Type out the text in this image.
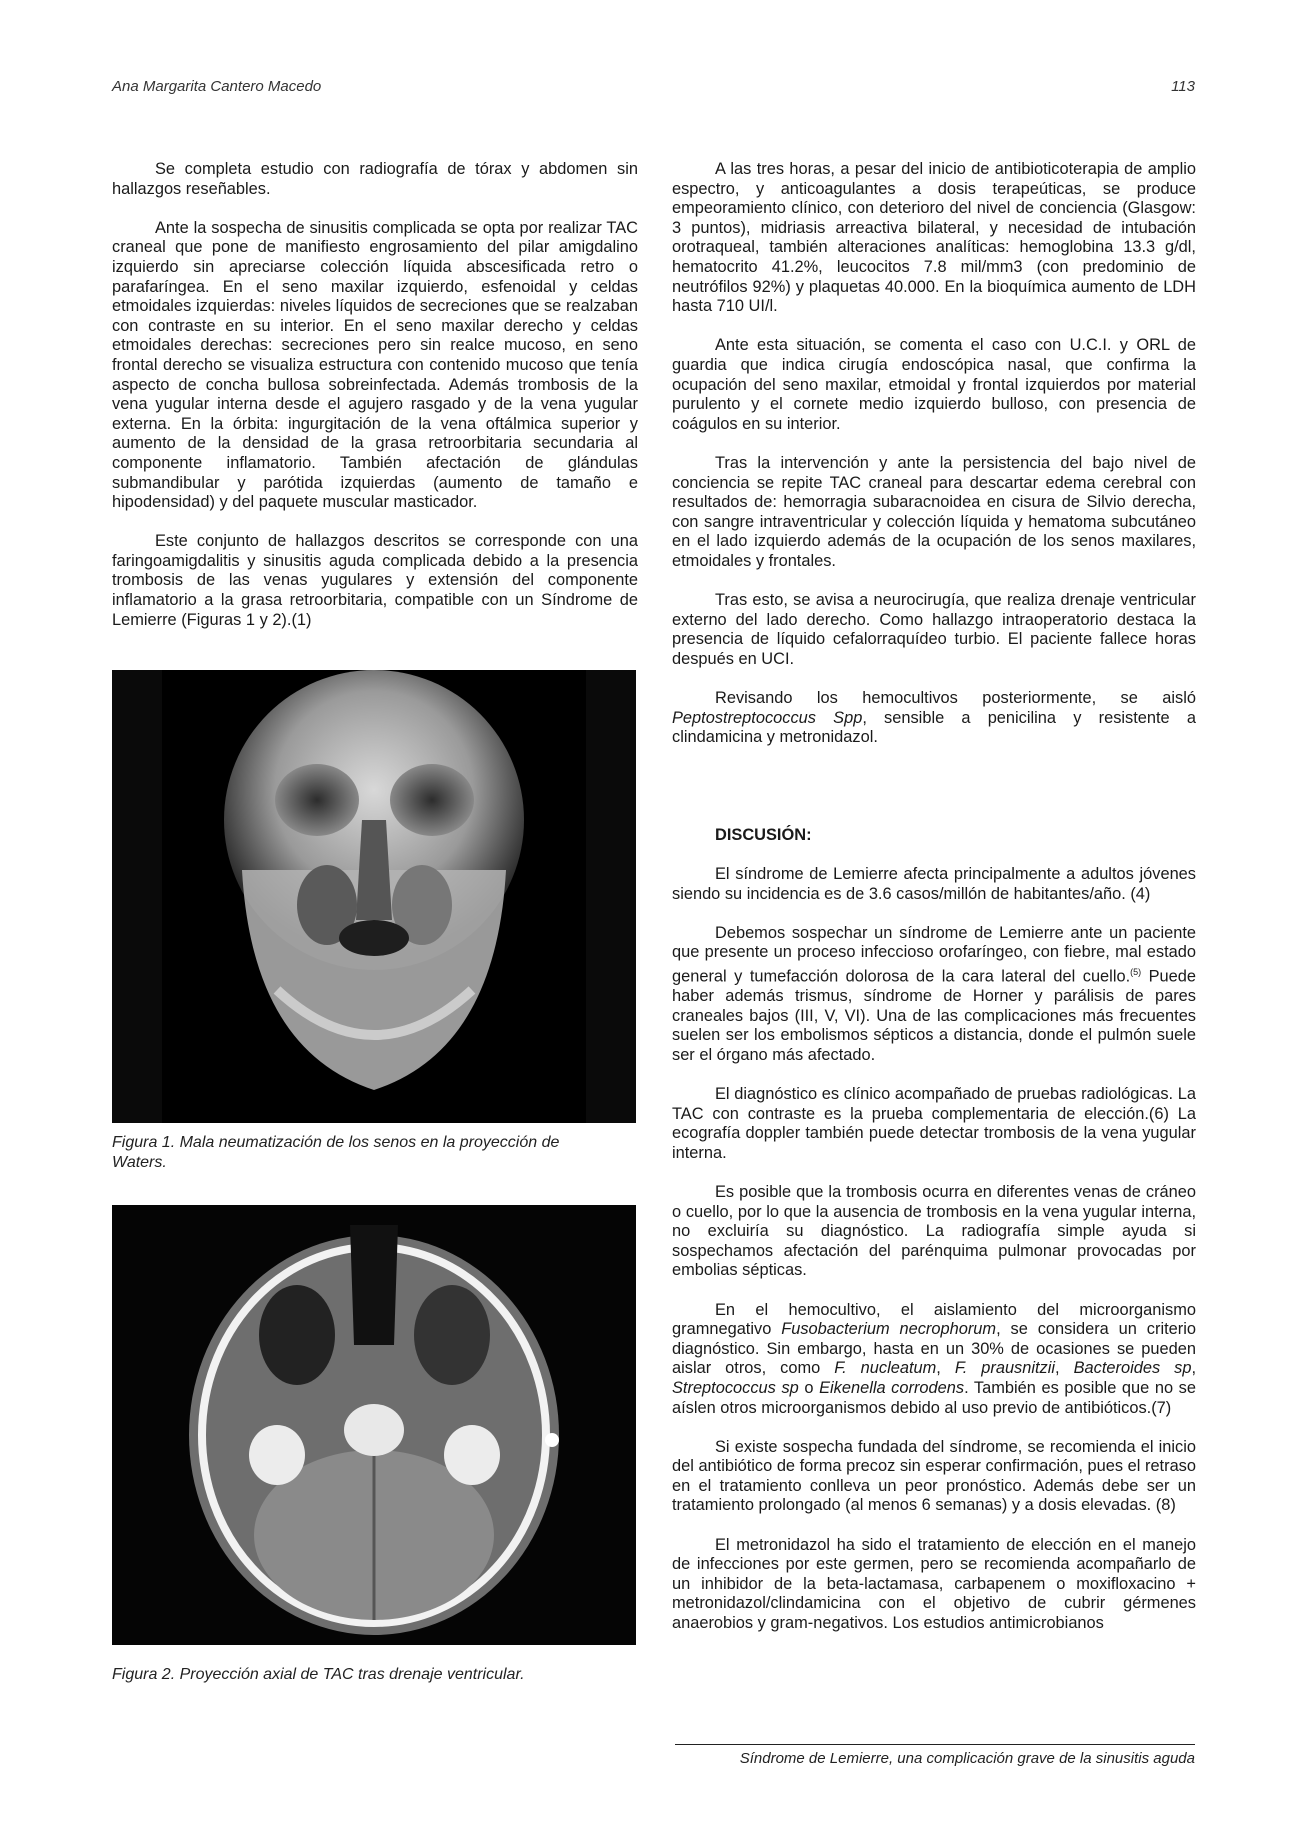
Ana Margarita Cantero Macedo	113

Se completa estudio con radiografía de tórax y abdomen sin hallazgos reseñables.

Ante la sospecha de sinusitis complicada se opta por realizar TAC craneal que pone de manifiesto engrosamiento del pilar amigdalino izquierdo sin apreciarse colección líquida abscesificada retro o parafaríngea. En el seno maxilar izquierdo, esfenoidal y celdas etmoidales izquierdas: niveles líquidos de secreciones que se realzaban con contraste en su interior. En el seno maxilar derecho y celdas etmoidales derechas: secreciones pero sin realce mucoso, en seno frontal derecho se visualiza estructura con contenido mucoso que tenía aspecto de concha bullosa sobreinfectada. Además trombosis de la vena yugular interna desde el agujero rasgado y de la vena yugular externa. En la órbita: ingurgitación de la vena oftálmica superior y aumento de la densidad de la grasa retroorbitaria secundaria al componente inflamatorio. También afectación de glándulas submandibular y parótida izquierdas (aumento de tamaño e hipodensidad) y del paquete muscular masticador.

Este conjunto de hallazgos descritos se corresponde con una faringoamigdalitis y sinusitis aguda complicada debido a la presencia trombosis de las venas yugulares y extensión del componente inflamatorio a la grasa retroorbitaria, compatible con un Síndrome de Lemierre (Figuras 1 y 2).(1)

Figura 1. Mala neumatización de los senos en la proyección de Waters.
Figura 2. Proyección axial de TAC tras drenaje ventricular.

A las tres horas, a pesar del inicio de antibioticoterapia de amplio espectro, y anticoagulantes a dosis terapeúticas, se produce empeoramiento clínico, con deterioro del nivel de conciencia (Glasgow: 3 puntos), midriasis arreactiva bilateral, y necesidad de intubación orotraqueal, también alteraciones analíticas: hemoglobina 13.3 g/dl, hematocrito 41.2%, leucocitos 7.8 mil/mm3 (con predominio de neutrófilos 92%) y plaquetas 40.000. En la bioquímica aumento de LDH hasta 710 UI/l.

Ante esta situación, se comenta el caso con U.C.I. y ORL de guardia que indica cirugía endoscópica nasal, que confirma la ocupación del seno maxilar, etmoidal y frontal izquierdos por material purulento y el cornete medio izquierdo bulloso, con presencia de coágulos en su interior.

Tras la intervención y ante la persistencia del bajo nivel de conciencia se repite TAC craneal para descartar edema cerebral con resultados de: hemorragia subaracnoidea en cisura de Silvio derecha, con sangre intraventricular y colección líquida y hematoma subcutáneo en el lado izquierdo además de la ocupación de los senos maxilares, etmoidales y frontales.

Tras esto, se avisa a neurocirugía, que realiza drenaje ventricular externo del lado derecho. Como hallazgo intraoperatorio destaca la presencia de líquido cefalorraquídeo turbio. El paciente fallece horas después en UCI.

Revisando los hemocultivos posteriormente, se aisló Peptostreptococcus Spp, sensible a penicilina y resistente a clindamicina y metronidazol.

DISCUSIÓN:

El síndrome de Lemierre afecta principalmente a adultos jóvenes siendo su incidencia es de 3.6 casos/millón de habitantes/año. (4)

Debemos sospechar un síndrome de Lemierre ante un paciente que presente un proceso infeccioso orofaríngeo, con fiebre, mal estado general y tumefacción dolorosa de la cara lateral del cuello.$^{(5)}$ Puede haber además trismus, síndrome de Horner y parálisis de pares craneales bajos (III, V, VI). Una de las complicaciones más frecuentes suelen ser los embolismos sépticos a distancia, donde el pulmón suele ser el órgano más afectado.

El diagnóstico es clínico acompañado de pruebas radiológicas. La TAC con contraste es la prueba complementaria de elección.(6) La ecografía doppler también puede detectar trombosis de la vena yugular interna.

Es posible que la trombosis ocurra en diferentes venas de cráneo o cuello, por lo que la ausencia de trombosis en la vena yugular interna, no excluiría su diagnóstico. La radiografía simple ayuda si sospechamos afectación del parénquima pulmonar provocadas por embolias sépticas.

En el hemocultivo, el aislamiento del microorganismo gramnegativo Fusobacterium necrophorum, se considera un criterio diagnóstico. Sin embargo, hasta en un 30% de ocasiones se pueden aislar otros, como F. nucleatum, F. prausnitzii, Bacteroides sp, Streptococcus sp o Eikenella corrodens. También es posible que no se aíslen otros microorganismos debido al uso previo de antibióticos.(7)

Si existe sospecha fundada del síndrome, se recomienda el inicio del antibiótico de forma precoz sin esperar confirmación, pues el retraso en el tratamiento conlleva un peor pronóstico. Además debe ser un tratamiento prolongado (al menos 6 semanas) y a dosis elevadas. (8)

El metronidazol ha sido el tratamiento de elección en el manejo de infecciones por este germen, pero se recomienda acompañarlo de un inhibidor de la beta-lactamasa, carbapenem o moxifloxacino + metronidazol/clindamicina con el objetivo de cubrir gérmenes anaerobios y gram-negativos. Los estudios antimicrobianos

Síndrome de Lemierre, una complicación grave de la sinusitis aguda
